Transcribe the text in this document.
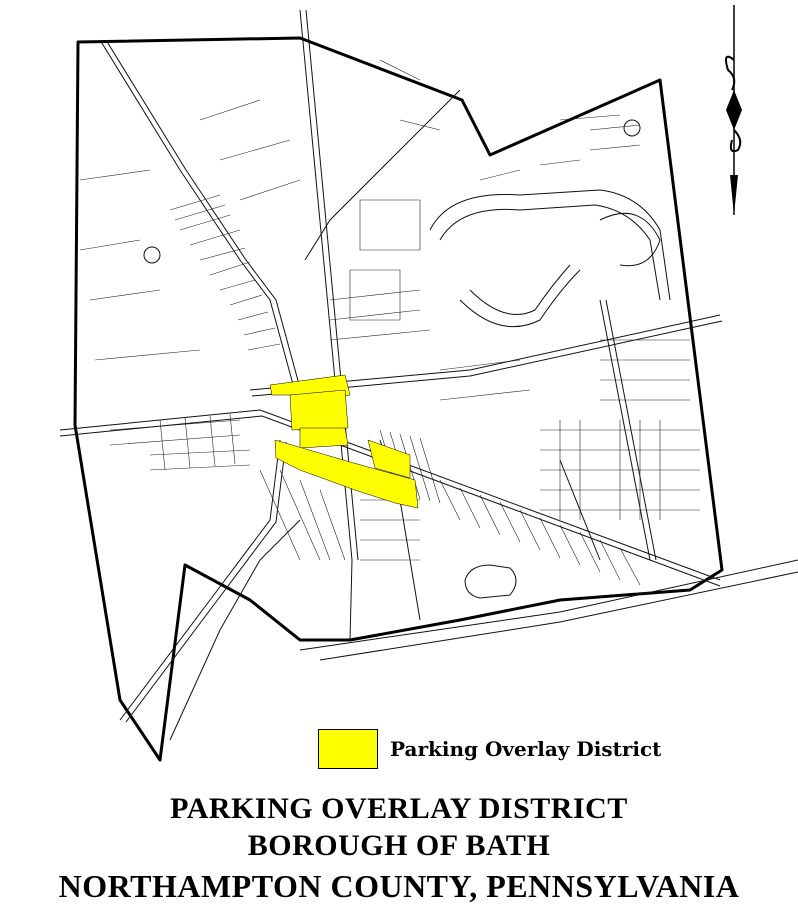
Parking Overlay District
PARKING OVERLAY DISTRICT
BOROUGH OF BATH
NORTHAMPTON COUNTY, PENNSYLVANIA
